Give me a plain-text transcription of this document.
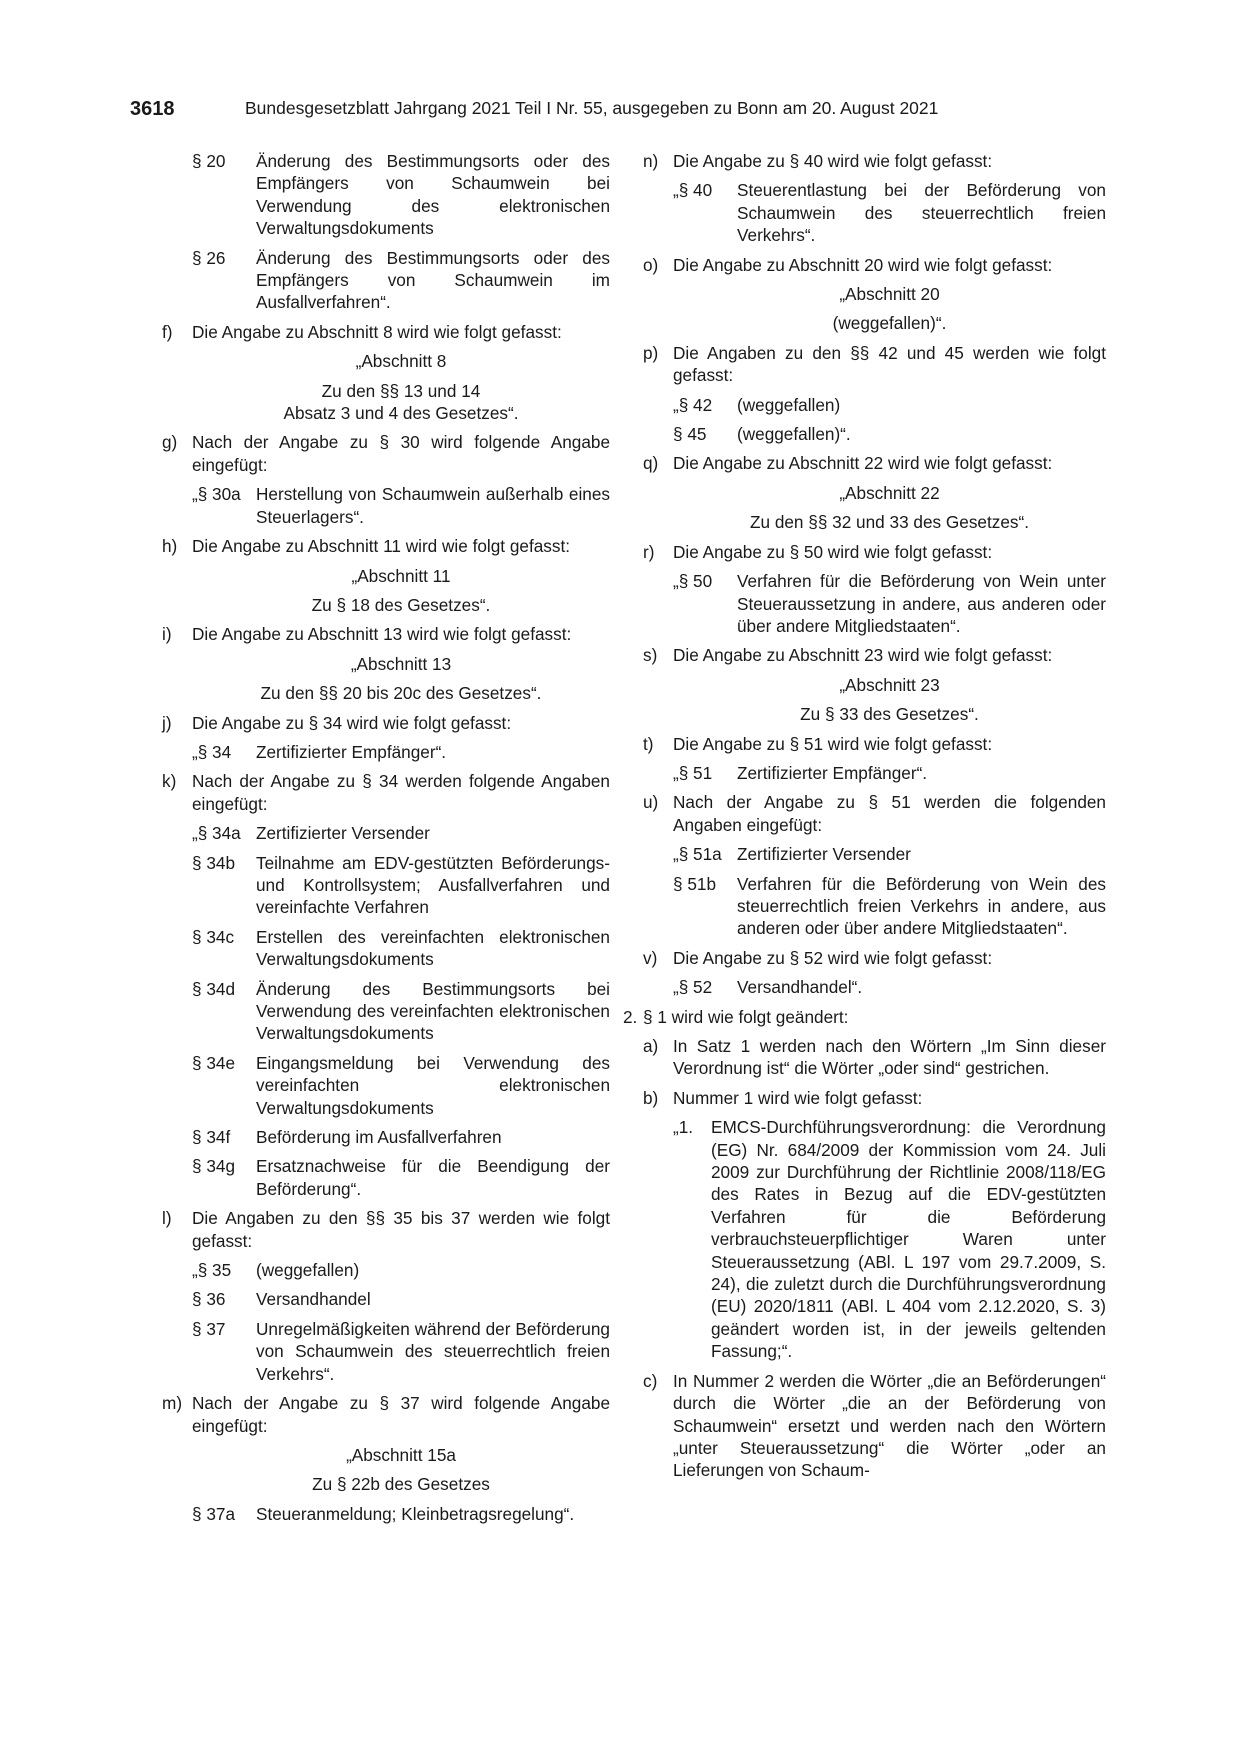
3618	Bundesgesetzblatt Jahrgang 2021 Teil I Nr. 55, ausgegeben zu Bonn am 20. August 2021
§ 20 Änderung des Bestimmungsorts oder des Empfängers von Schaumwein bei Verwendung des elektronischen Verwaltungsdokuments
§ 26 Änderung des Bestimmungsorts oder des Empfängers von Schaumwein im Ausfallverfahren“.
f) Die Angabe zu Abschnitt 8 wird wie folgt gefasst:
„Abschnitt 8
Zu den §§ 13 und 14
Absatz 3 und 4 des Gesetzes“.
g) Nach der Angabe zu § 30 wird folgende Angabe eingefügt:
„§ 30a Herstellung von Schaumwein außerhalb eines Steuerlagers“.
h) Die Angabe zu Abschnitt 11 wird wie folgt gefasst:
„Abschnitt 11
Zu § 18 des Gesetzes“.
i) Die Angabe zu Abschnitt 13 wird wie folgt gefasst:
„Abschnitt 13
Zu den §§ 20 bis 20c des Gesetzes“.
j) Die Angabe zu § 34 wird wie folgt gefasst:
„§ 34 Zertifizierter Empfänger“.
k) Nach der Angabe zu § 34 werden folgende Angaben eingefügt:
„§ 34a Zertifizierter Versender
§ 34b Teilnahme am EDV-gestützten Beförderungs- und Kontrollsystem; Ausfallverfahren und vereinfachte Verfahren
§ 34c Erstellen des vereinfachten elektronischen Verwaltungsdokuments
§ 34d Änderung des Bestimmungsorts bei Verwendung des vereinfachten elektronischen Verwaltungsdokuments
§ 34e Eingangsmeldung bei Verwendung des vereinfachten elektronischen Verwaltungsdokuments
§ 34f Beförderung im Ausfallverfahren
§ 34g Ersatznachweise für die Beendigung der Beförderung“.
l) Die Angaben zu den §§ 35 bis 37 werden wie folgt gefasst:
„§ 35 (weggefallen)
§ 36 Versandhandel
§ 37 Unregelmäßigkeiten während der Beförderung von Schaumwein des steuerrechtlich freien Verkehrs“.
m) Nach der Angabe zu § 37 wird folgende Angabe eingefügt:
„Abschnitt 15a
Zu § 22b des Gesetzes
§ 37a Steueranmeldung; Kleinbetragsregelung“.
n) Die Angabe zu § 40 wird wie folgt gefasst:
„§ 40 Steuerentlastung bei der Beförderung von Schaumwein des steuerrechtlich freien Verkehrs“.
o) Die Angabe zu Abschnitt 20 wird wie folgt gefasst:
„Abschnitt 20
(weggefallen)“.
p) Die Angaben zu den §§ 42 und 45 werden wie folgt gefasst:
„§ 42 (weggefallen)
§ 45 (weggefallen)“.
q) Die Angabe zu Abschnitt 22 wird wie folgt gefasst:
„Abschnitt 22
Zu den §§ 32 und 33 des Gesetzes“.
r) Die Angabe zu § 50 wird wie folgt gefasst:
„§ 50 Verfahren für die Beförderung von Wein unter Steueraussetzung in andere, aus anderen oder über andere Mitgliedstaaten“.
s) Die Angabe zu Abschnitt 23 wird wie folgt gefasst:
„Abschnitt 23
Zu § 33 des Gesetzes“.
t) Die Angabe zu § 51 wird wie folgt gefasst:
„§ 51 Zertifizierter Empfänger“.
u) Nach der Angabe zu § 51 werden die folgenden Angaben eingefügt:
„§ 51a Zertifizierter Versender
§ 51b Verfahren für die Beförderung von Wein des steuerrechtlich freien Verkehrs in andere, aus anderen oder über andere Mitgliedstaaten“.
v) Die Angabe zu § 52 wird wie folgt gefasst:
„§ 52 Versandhandel“.
2. § 1 wird wie folgt geändert:
a) In Satz 1 werden nach den Wörtern „Im Sinn dieser Verordnung ist“ die Wörter „oder sind“ gestrichen.
b) Nummer 1 wird wie folgt gefasst:
„1. EMCS-Durchführungsverordnung: die Verordnung (EG) Nr. 684/2009 der Kommission vom 24. Juli 2009 zur Durchführung der Richtlinie 2008/118/EG des Rates in Bezug auf die EDV-gestützten Verfahren für die Beförderung verbrauchsteuerpflichtiger Waren unter Steueraussetzung (ABl. L 197 vom 29.7.2009, S. 24), die zuletzt durch die Durchführungsverordnung (EU) 2020/1811 (ABl. L 404 vom 2.12.2020, S. 3) geändert worden ist, in der jeweils geltenden Fassung;“.
c) In Nummer 2 werden die Wörter „die an Beförderungen“ durch die Wörter „die an der Beförderung von Schaumwein“ ersetzt und werden nach den Wörtern „unter Steueraussetzung“ die Wörter „oder an Lieferungen von Schaum-
